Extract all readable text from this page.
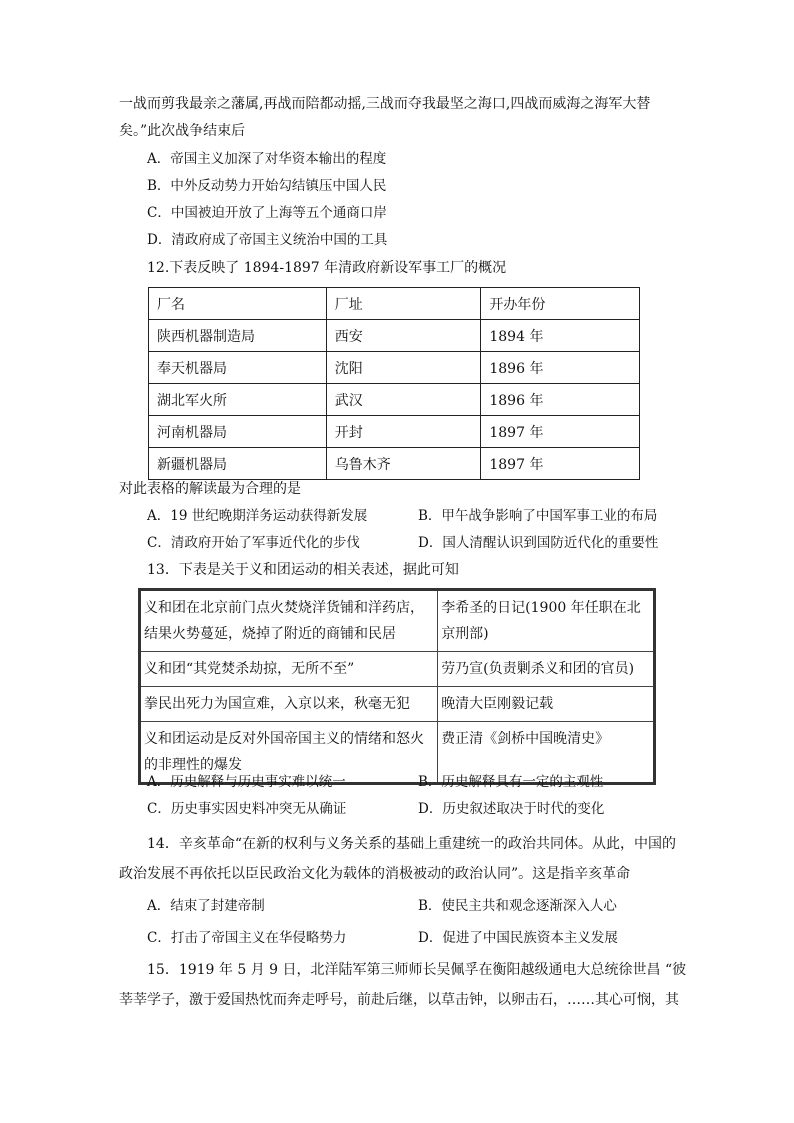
一战而剪我最亲之藩属,再战而陪都动摇,三战而夺我最坚之海口,四战而威海之海军大替
矣。”此次战争结束后
A．帝国主义加深了对华资本输出的程度
B．中外反动势力开始勾结镇压中国人民
C．中国被迫开放了上海等五个通商口岸
D．清政府成了帝国主义统治中国的工具
12.下表反映了 1894-1897 年清政府新设军事工厂的概况
厂名	厂址	开办年份
陕西机器制造局	西安	1894 年
奉天机器局	沈阳	1896 年
湖北军火所	武汉	1896 年
河南机器局	开封	1897 年
新疆机器局	乌鲁木齐	1897 年
对此表格的解读最为合理的是
A．19 世纪晚期洋务运动获得新发展	B．甲午战争影响了中国军事工业的布局
C．清政府开始了军事近代化的步伐	D．国人清醒认识到国防近代化的重要性
13．下表是关于义和团运动的相关表述，据此可知
义和团在北京前门点火焚烧洋货铺和洋药店，结果火势蔓延，烧掉了附近的商铺和民居	李希圣的日记(1900 年任职在北京刑部)
义和团“其党焚杀劫掠，无所不至”	劳乃宣(负责剿杀义和团的官员)
拳民出死力为国宣难，入京以来，秋毫无犯	晚清大臣刚毅记载
义和团运动是反对外国帝国主义的情绪和怒火的非理性的爆发	费正清《剑桥中国晚清史》
A．历史解释与历史事实难以统一	B．历史解释具有一定的主观性
C．历史事实因史料冲突无从确证	D．历史叙述取决于时代的变化
14．辛亥革命“在新的权利与义务关系的基础上重建统一的政治共同体。从此，中国的
政治发展不再依托以臣民政治文化为载体的消极被动的政治认同”。这是指辛亥革命
A．结束了封建帝制	B．使民主共和观念逐渐深入人心
C．打击了帝国主义在华侵略势力	D．促进了中国民族资本主义发展
15．1919 年 5 月 9 日，北洋陆军第三师师长吴佩孚在衡阳越级通电大总统徐世昌 “彼
莘莘学子，激于爱国热忱而奔走呼号，前赴后继，以草击钟，以卵击石，……其心可悯，其
